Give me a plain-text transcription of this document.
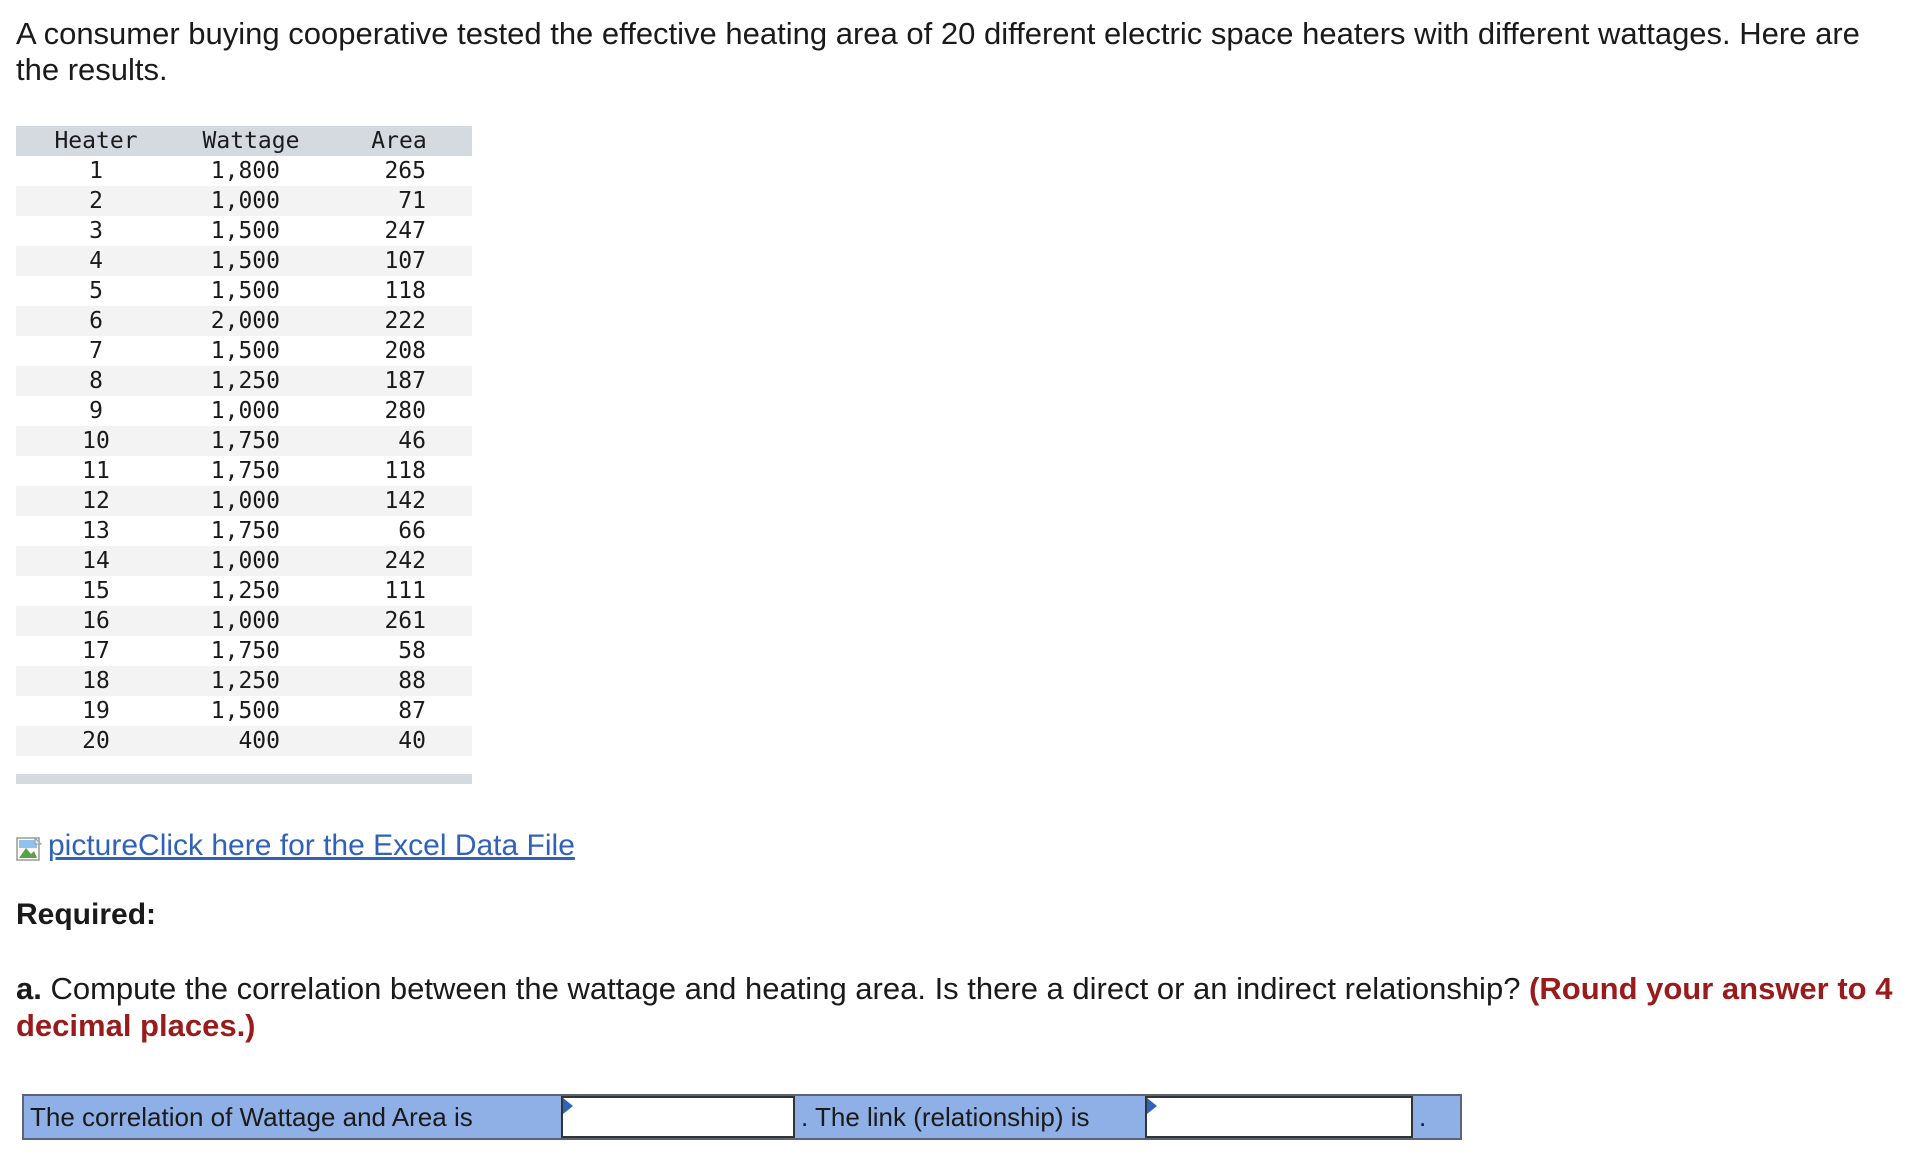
A consumer buying cooperative tested the effective heating area of 20 different electric space heaters with different wattages. Here are the results.

Heater	Wattage	Area
1	1,800	265
2	1,000	71
3	1,500	247
4	1,500	107
5	1,500	118
6	2,000	222
7	1,500	208
8	1,250	187
9	1,000	280
10	1,750	46
11	1,750	118
12	1,000	142
13	1,750	66
14	1,000	242
15	1,250	111
16	1,000	261
17	1,750	58
18	1,250	88
19	1,500	87
20	400	40
picture Click here for the Excel Data File

Required:

a. Compute the correlation between the wattage and heating area. Is there a direct or an indirect relationship? (Round your answer to 4 decimal places.)

The correlation of Wattage and Area is	. The link (relationship) is	.
